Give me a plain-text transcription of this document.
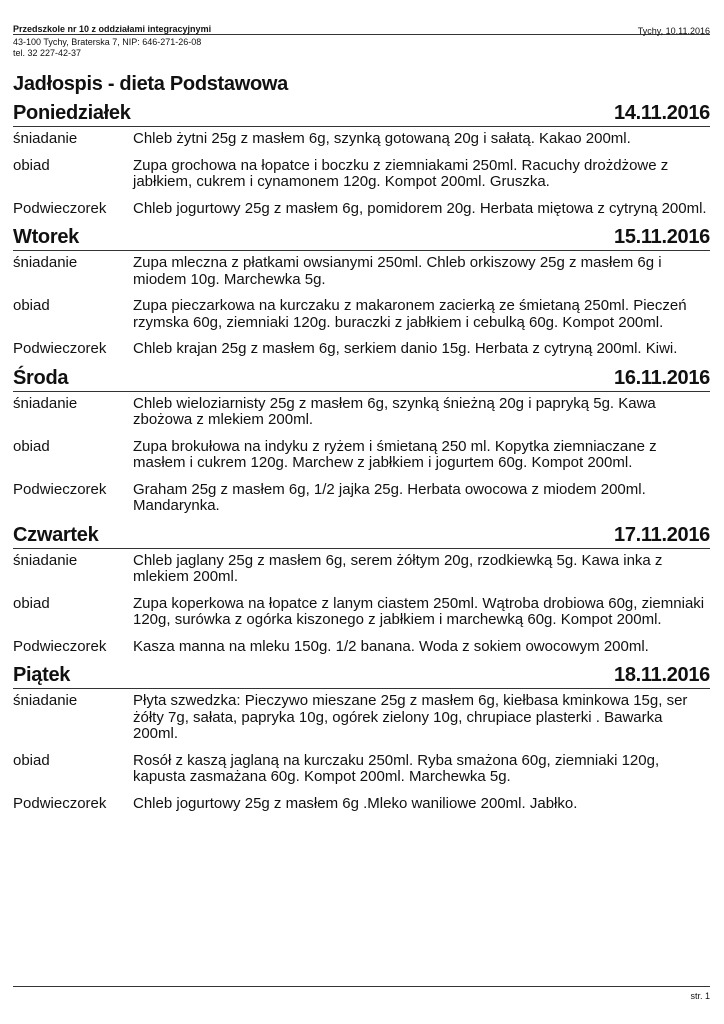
Przedszkole nr 10 z oddziałami integracyjnymi	Tychy, 10.11.2016
43-100 Tychy, Braterska 7, NIP: 646-271-26-08
tel. 32 227-42-37
Jadłospis - dieta Podstawowa
Poniedziałek	14.11.2016
śniadanie	Chleb żytni 25g z masłem 6g, szynką gotowaną 20g i sałatą. Kakao 200ml.
obiad	Zupa grochowa na łopatce i boczku z ziemniakami 250ml. Racuchy drożdżowe z jabłkiem, cukrem i cynamonem 120g. Kompot 200ml. Gruszka.
Podwieczorek	Chleb jogurtowy 25g z masłem 6g, pomidorem 20g. Herbata miętowa z cytryną 200ml.
Wtorek	15.11.2016
śniadanie	Zupa mleczna z płatkami owsianymi 250ml. Chleb orkiszowy 25g z masłem 6g i miodem 10g. Marchewka 5g.
obiad	Zupa pieczarkowa na kurczaku z makaronem zacierką ze śmietaną 250ml. Pieczeń rzymska 60g, ziemniaki 120g. buraczki z jabłkiem i cebulką 60g. Kompot 200ml.
Podwieczorek	Chleb krajan 25g z masłem 6g, serkiem danio 15g. Herbata z cytryną 200ml. Kiwi.
Środa	16.11.2016
śniadanie	Chleb wieloziarnisty 25g z masłem 6g, szynką śnieżną 20g i papryką 5g. Kawa zbożowa z mlekiem 200ml.
obiad	Zupa brokułowa na indyku z ryżem i śmietaną 250 ml. Kopytka ziemniaczane z masłem i cukrem 120g. Marchew z jabłkiem i jogurtem 60g. Kompot 200ml.
Podwieczorek	Graham 25g z masłem 6g, 1/2 jajka 25g. Herbata owocowa z miodem 200ml. Mandarynka.
Czwartek	17.11.2016
śniadanie	Chleb jaglany 25g z masłem 6g, serem żółtym 20g, rzodkiewką 5g. Kawa inka z mlekiem 200ml.
obiad	Zupa koperkowa na łopatce z lanym ciastem 250ml. Wątroba drobiowa 60g, ziemniaki 120g, surówka z ogórka kiszonego z jabłkiem i marchewką 60g. Kompot 200ml.
Podwieczorek	Kasza manna na mleku 150g. 1/2 banana. Woda z sokiem owocowym 200ml.
Piątek	18.11.2016
śniadanie	Płyta szwedzka: Pieczywo mieszane 25g z masłem 6g, kiełbasa kminkowa 15g, ser żółty 7g, sałata, papryka 10g, ogórek zielony 10g, chrupiace plasterki . Bawarka 200ml.
obiad	Rosół z kaszą jaglaną na kurczaku 250ml. Ryba smażona 60g, ziemniaki 120g, kapusta zasmażana 60g. Kompot 200ml. Marchewka 5g.
Podwieczorek	Chleb jogurtowy 25g z masłem 6g .Mleko waniliowe 200ml. Jabłko.
str. 1
